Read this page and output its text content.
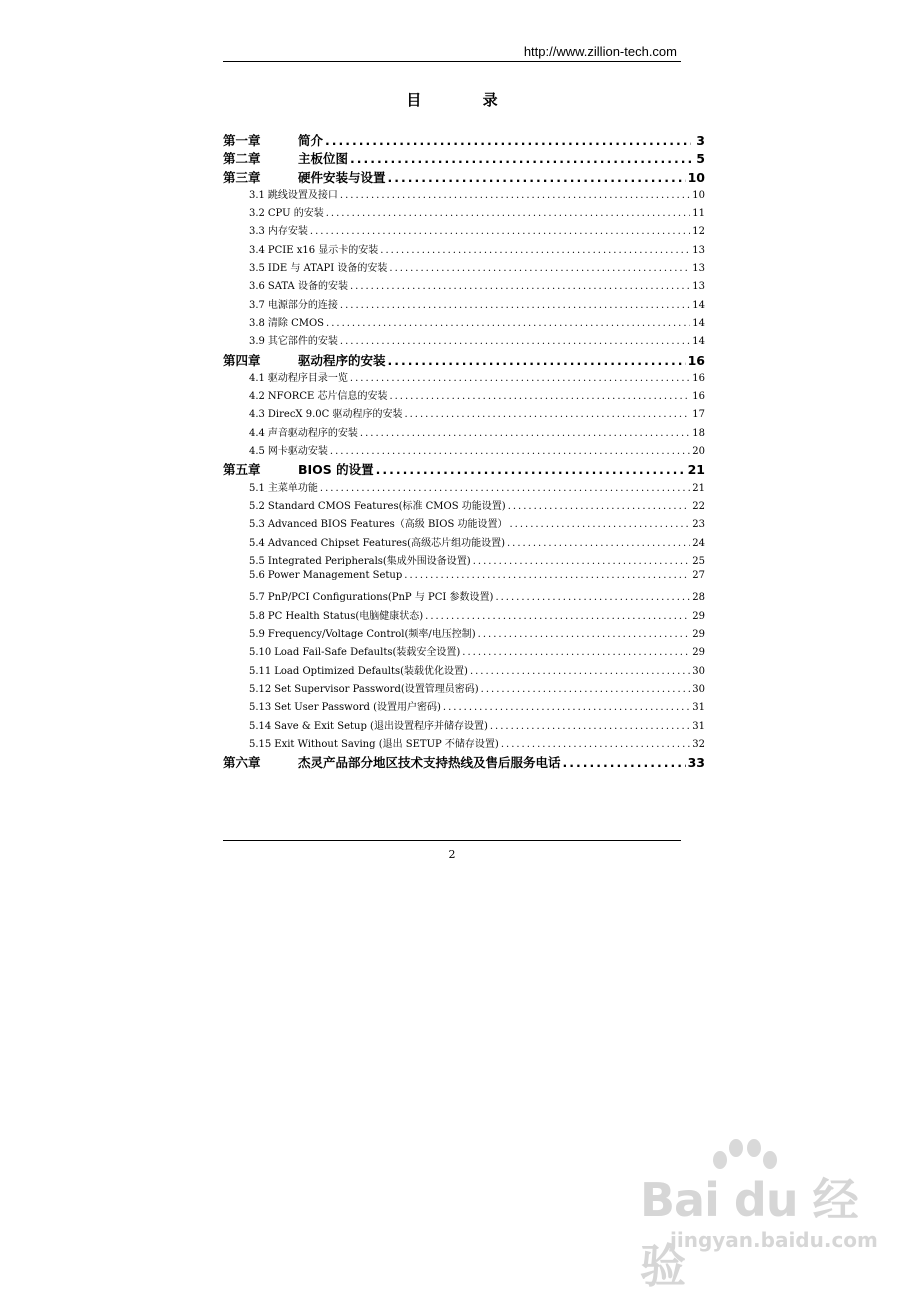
http://www.zillion-tech.com
目 录
第一章	简介 .....	3
第二章	主板位图 .....	5
第三章	硬件安装与设置 .....	10
3.1 跳线设置及接口 .....	10
3.2 CPU 的安装 .....	11
3.3 内存安装 .....	12
3.4 PCIE x16 显示卡的安装 .....	13
3.5 IDE 与 ATAPI 设备的安装 .....	13
3.6 SATA 设备的安装 .....	13
3.7 电源部分的连接 .....	14
3.8 清除 CMOS .....	14
3.9 其它部件的安装 .....	14
第四章	驱动程序的安装 .....	16
4.1 驱动程序目录一览 .....	16
4.2 NFORCE 芯片信息的安装 .....	16
4.3 DirecX 9.0C 驱动程序的安装 .....	17
4.4 声音驱动程序的安装 .....	18
4.5 网卡驱动安装 .....	20
第五章	BIOS 的设置 .....	21
5.1 主菜单功能 .....	21
5.2 Standard CMOS Features(标准 CMOS 功能设置) .....	22
5.3 Advanced BIOS Features（高级 BIOS 功能设置） .....	23
5.4 Advanced Chipset Features(高级芯片组功能设置) .....	24
5.5 Integrated Peripherals(集成外围设备设置) .....	25
5.6 Power Management Setup .....	27
5.7 PnP/PCI Configurations(PnP 与 PCI 参数设置) .....	28
5.8 PC Health Status(电脑健康状态) .....	29
5.9 Frequency/Voltage Control(频率/电压控制) .....	29
5.10 Load Fail-Safe Defaults(装载安全设置) .....	29
5.11 Load Optimized Defaults(装载优化设置) .....	30
5.12 Set Supervisor Password(设置管理员密码) .....	30
5.13 Set User Password (设置用户密码) .....	31
5.14 Save & Exit Setup (退出设置程序并储存设置) .....	31
5.15 Exit Without Saving (退出 SETUP 不储存设置) .....	32
第六章	杰灵产品部分地区技术支持热线及售后服务电话 .....	33
2
Bai du 经验
jingyan.baidu.com
